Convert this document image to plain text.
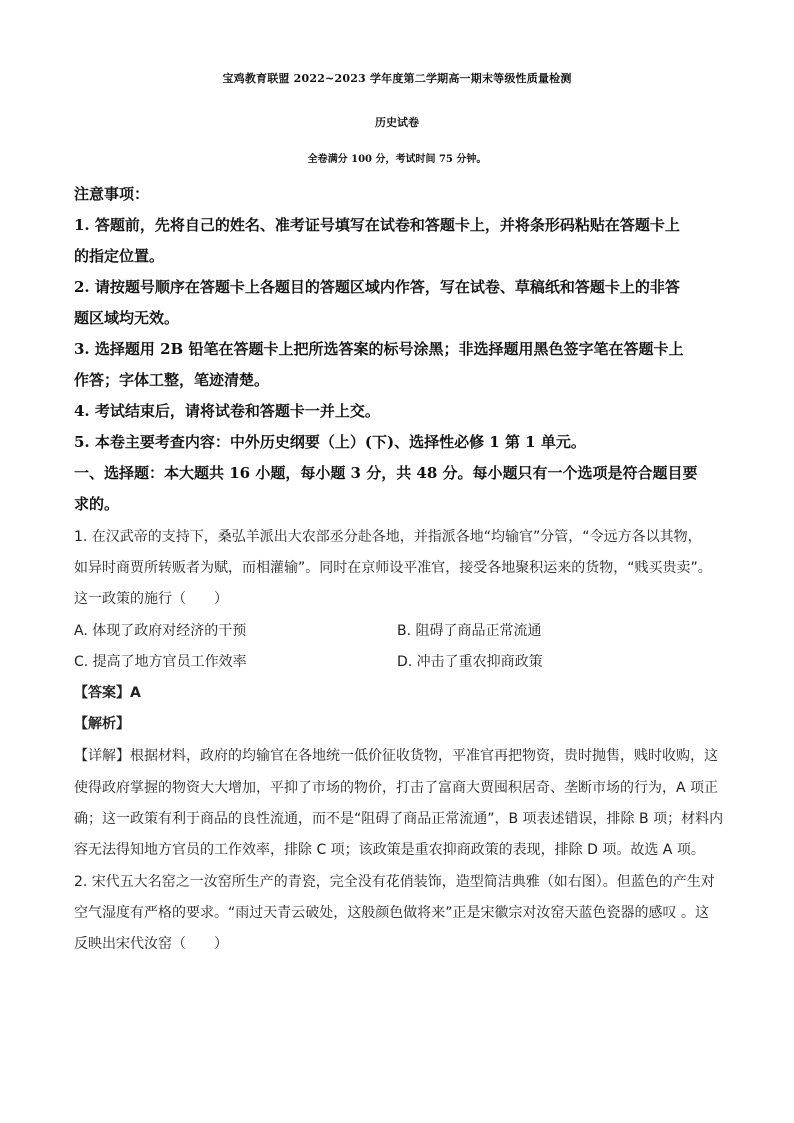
宝鸡教育联盟 2022~2023 学年度第二学期高一期末等级性质量检测
历史试卷
全卷满分 100 分，考试时间 75 分钟。
注意事项：
1. 答题前，先将自己的姓名、准考证号填写在试卷和答题卡上，并将条形码粘贴在答题卡上
的指定位置。
2. 请按题号顺序在答题卡上各题目的答题区域内作答，写在试卷、草稿纸和答题卡上的非答
题区域均无效。
3. 选择题用 2B 铅笔在答题卡上把所选答案的标号涂黑；非选择题用黑色签字笔在答题卡上
作答；字体工整，笔迹清楚。
4. 考试结束后，请将试卷和答题卡一并上交。
5. 本卷主要考查内容：中外历史纲要（上）(下)、选择性必修 1 第 1 单元。
一、选择题：本大题共 16 小题，每小题 3 分，共 48 分。每小题只有一个选项是符合题目要
求的。
1. 在汉武帝的支持下，桑弘羊派出大农部丞分赴各地，并指派各地“均输官”分管，“令远方各以其物，
如异时商贾所转贩者为赋，而相灌输”。同时在京师设平准官，接受各地聚积运来的货物，“贱买贵卖”。
这一政策的施行（　　）
A. 体现了政府对经济的干预	B. 阻碍了商品正常流通
C. 提高了地方官员工作效率	D. 冲击了重农抑商政策
【答案】A
【解析】
【详解】根据材料，政府的均输官在各地统一低价征收货物，平准官再把物资，贵时抛售，贱时收购，这
使得政府掌握的物资大大增加，平抑了市场的物价，打击了富商大贾囤积居奇、垄断市场的行为，A 项正
确；这一政策有利于商品的良性流通，而不是“阻碍了商品正常流通”，B 项表述错误，排除 B 项；材料内
容无法得知地方官员的工作效率，排除 C 项；该政策是重农抑商政策的表现，排除 D 项。故选 A 项。
2. 宋代五大名窑之一汝窑所生产的青瓷，完全没有花俏装饰，造型简洁典雅（如右图）。但蓝色的产生对
空气湿度有严格的要求。“雨过天青云破处，这般颜色做将来”正是宋徽宗对汝窑天蓝色瓷器的感叹 。这
反映出宋代汝窑（　　）
